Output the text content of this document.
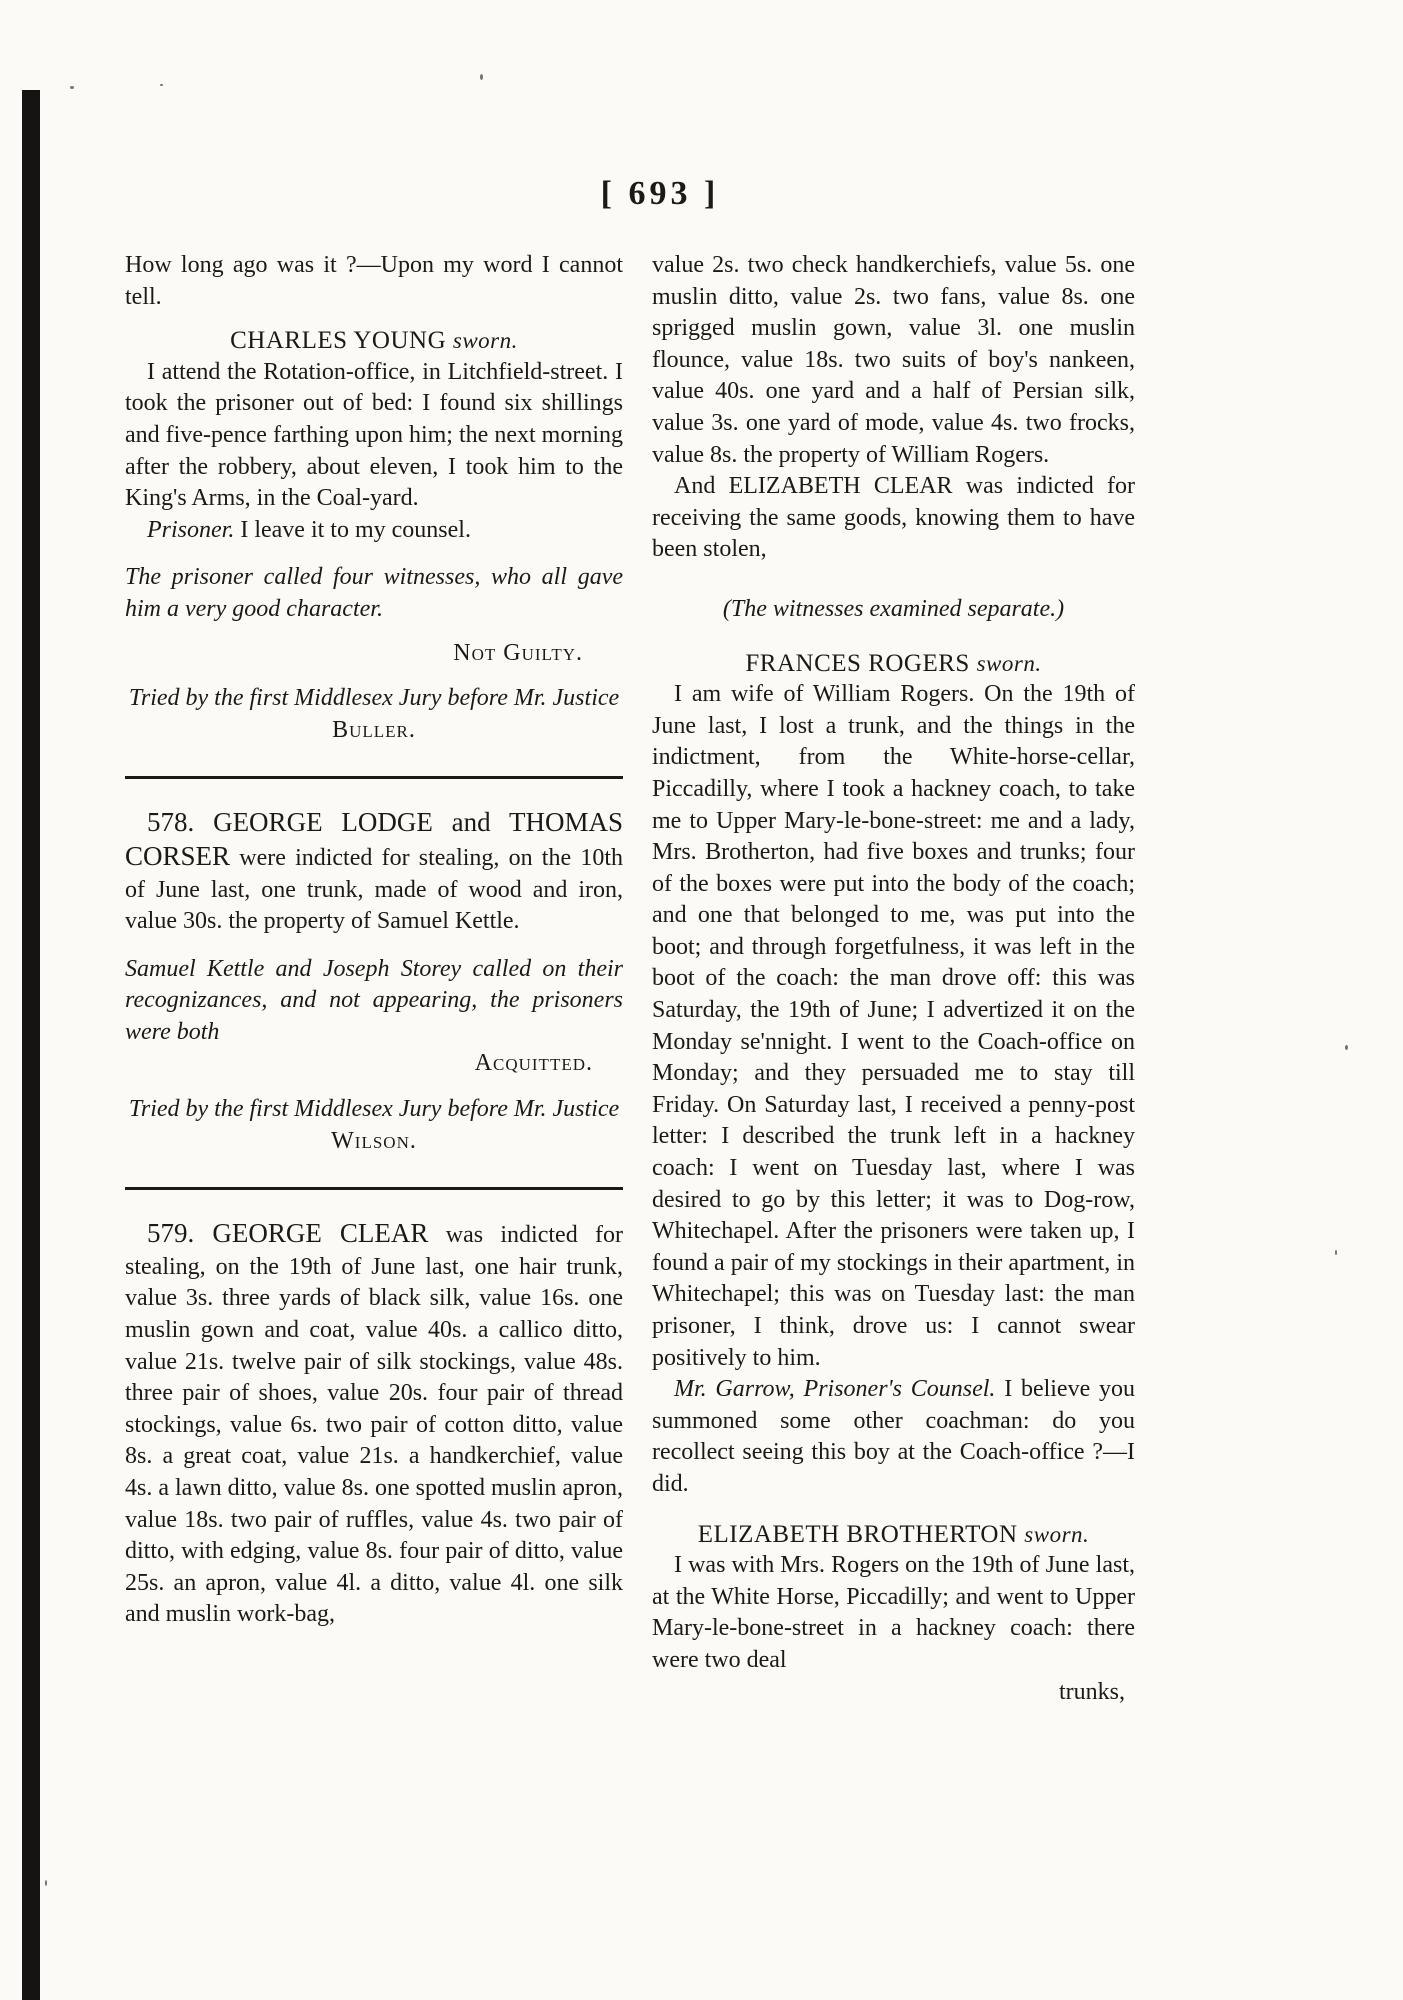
[ 693 ]

How long ago was it ?—Upon my word I cannot tell.

CHARLES YOUNG sworn.

I attend the Rotation-office, in Litchfield-street. I took the prisoner out of bed: I found six shillings and five-pence farthing upon him; the next morning after the robbery, about eleven, I took him to the King's Arms, in the Coal-yard.

Prisoner. I leave it to my counsel.

The prisoner called four witnesses, who all gave him a very good character.

Not Guilty.

Tried by the first Middlesex Jury before Mr. Justice Buller.

578. GEORGE LODGE and THOMAS CORSER were indicted for stealing, on the 10th of June last, one trunk, made of wood and iron, value 30s. the property of Samuel Kettle.

Samuel Kettle and Joseph Storey called on their recognizances, and not appearing, the prisoners were both

Acquitted.

Tried by the first Middlesex Jury before Mr. Justice Wilson.

579. GEORGE CLEAR was indicted for stealing, on the 19th of June last, one hair trunk, value 3s. three yards of black silk, value 16s. one muslin gown and coat, value 40s. a callico ditto, value 21s. twelve pair of silk stockings, value 48s. three pair of shoes, value 20s. four pair of thread stockings, value 6s. two pair of cotton ditto, value 8s. a great coat, value 21s. a handkerchief, value 4s. a lawn ditto, value 8s. one spotted muslin apron, value 18s. two pair of ruffles, value 4s. two pair of ditto, with edging, value 8s. four pair of ditto, value 25s. an apron, value 4l. a ditto, value 4l. one silk and muslin work-bag,

value 2s. two check handkerchiefs, value 5s. one muslin ditto, value 2s. two fans, value 8s. one sprigged muslin gown, value 3l. one muslin flounce, value 18s. two suits of boy's nankeen, value 40s. one yard and a half of Persian silk, value 3s. one yard of mode, value 4s. two frocks, value 8s. the property of William Rogers.

And ELIZABETH CLEAR was indicted for receiving the same goods, knowing them to have been stolen,

(The witnesses examined separate.)

FRANCES ROGERS sworn.

I am wife of William Rogers. On the 19th of June last, I lost a trunk, and the things in the indictment, from the White-horse-cellar, Piccadilly, where I took a hackney coach, to take me to Upper Mary-le-bone-street: me and a lady, Mrs. Brotherton, had five boxes and trunks; four of the boxes were put into the body of the coach; and one that belonged to me, was put into the boot; and through forgetfulness, it was left in the boot of the coach: the man drove off: this was Saturday, the 19th of June; I advertized it on the Monday se'nnight. I went to the Coach-office on Monday; and they persuaded me to stay till Friday. On Saturday last, I received a penny-post letter: I described the trunk left in a hackney coach: I went on Tuesday last, where I was desired to go by this letter; it was to Dog-row, Whitechapel. After the prisoners were taken up, I found a pair of my stockings in their apartment, in Whitechapel; this was on Tuesday last: the man prisoner, I think, drove us: I cannot swear positively to him.

Mr. Garrow, Prisoner's Counsel. I believe you summoned some other coachman: do you recollect seeing this boy at the Coach-office ?—I did.

ELIZABETH BROTHERTON sworn.

I was with Mrs. Rogers on the 19th of June last, at the White Horse, Piccadilly; and went to Upper Mary-le-bone-street in a hackney coach: there were two deal

trunks,
